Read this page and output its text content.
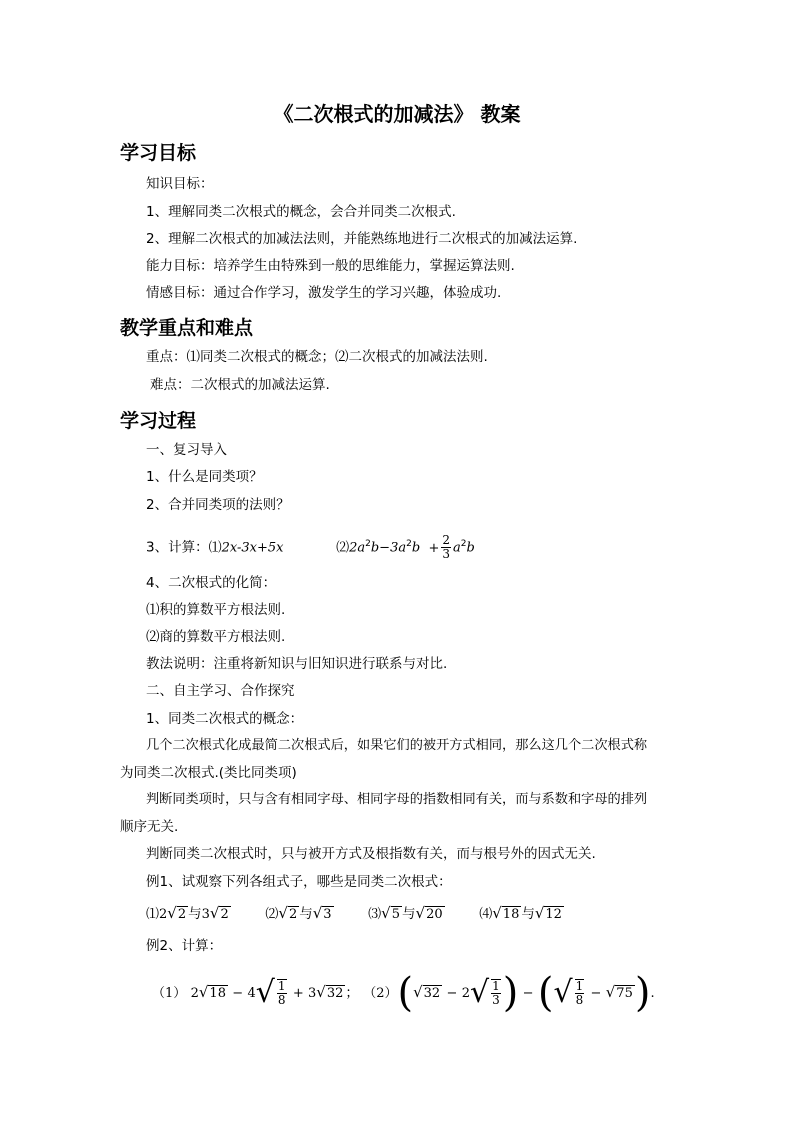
《二次根式的加减法》 教案
学习目标
知识目标：
1、理解同类二次根式的概念，会合并同类二次根式.
2、理解二次根式的加减法法则，并能熟练地进行二次根式的加减法运算.
能力目标：培养学生由特殊到一般的思维能力，掌握运算法则.
情感目标：通过合作学习，激发学生的学习兴趣，体验成功.
教学重点和难点
重点：⑴同类二次根式的概念；⑵二次根式的加减法法则.
难点：二次根式的加减法运算.
学习过程
一、复习导入
1、什么是同类项？
2、合并同类项的法则？
3、计算：⑴2x-3x+5x	$⑵2a^2b-3a^2b + \frac{2}{3} a^2b$
4、二次根式的化简：
⑴积的算数平方根法则.
⑵商的算数平方根法则.
教法说明：注重将新知识与旧知识进行联系与对比.
二、自主学习、合作探究
1、同类二次根式的概念：
几个二次根式化成最简二次根式后，如果它们的被开方式相同，那么这几个二次根式称
为同类二次根式.(类比同类项)
判断同类项时，只与含有相同字母、相同字母的指数相同有关，而与系数和字母的排列
顺序无关.
判断同类二次根式时，只与被开方式及根指数有关，而与根号外的因式无关.
例1、试观察下列各组式子，哪些是同类二次根式：
⑴2√2 与3√2	⑵√2 与√3	⑶√5 与√20	⑷√18 与√12
例2、计算：
（1） $2√18 - 4√ \frac{1}{8} + 3√32$ ； $(2)(√32 - 2√ \frac{1}{3}$ ) − (√ $\frac{1}{8} - √75$).
